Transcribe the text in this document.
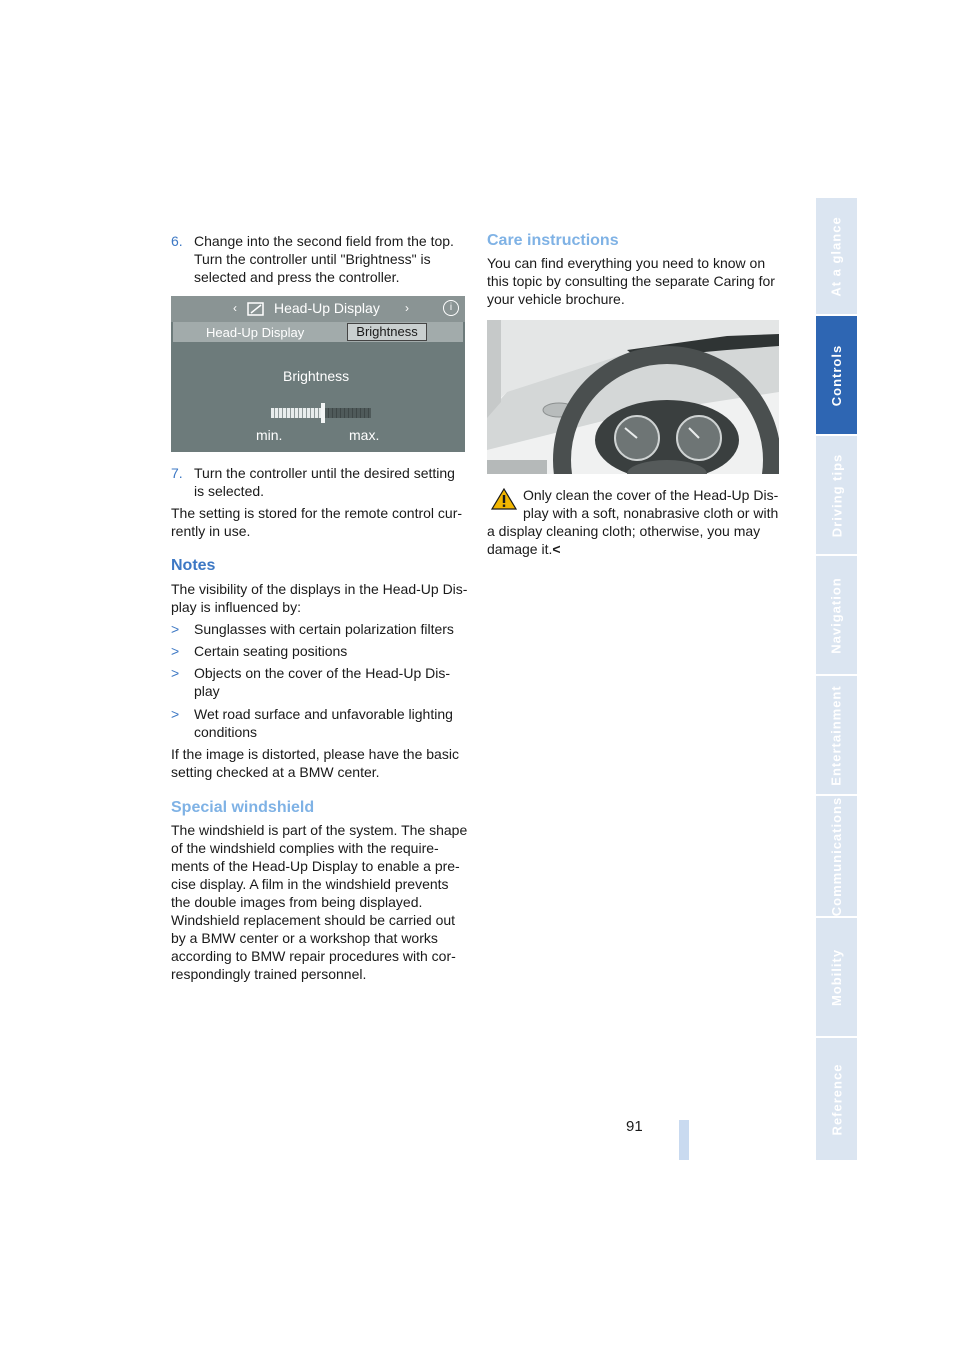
6. Change into the second field from the top.
Turn the controller until "Brightness" is
selected and press the controller.
‹	Head-Up Display ›	i
Head-Up Display	Brightness
Brightness
min.	max.
7. Turn the controller until the desired setting
is selected.
The setting is stored for the remote control cur-
rently in use.
Notes
The visibility of the displays in the Head-Up Dis-
play is influenced by:
> Sunglasses with certain polarization filters
> Certain seating positions
> Objects on the cover of the Head-Up Dis-
play
> Wet road surface and unfavorable lighting
conditions
If the image is distorted, please have the basic
setting checked at a BMW center.
Special windshield
The windshield is part of the system. The shape
of the windshield complies with the require-
ments of the Head-Up Display to enable a pre-
cise display. A film in the windshield prevents
the double images from being displayed.
Windshield replacement should be carried out
by a BMW center or a workshop that works
according to BMW repair procedures with cor-
respondingly trained personnel.
Care instructions
You can find everything you need to know on
this topic by consulting the separate Caring for
your vehicle brochure.
Only clean the cover of the Head-Up Dis-
play with a soft, nonabrasive cloth or with
a display cleaning cloth; otherwise, you may
damage it.<
At a glance
Controls
Driving tips
Navigation
Entertainment
Communications
Mobility
Reference
91
